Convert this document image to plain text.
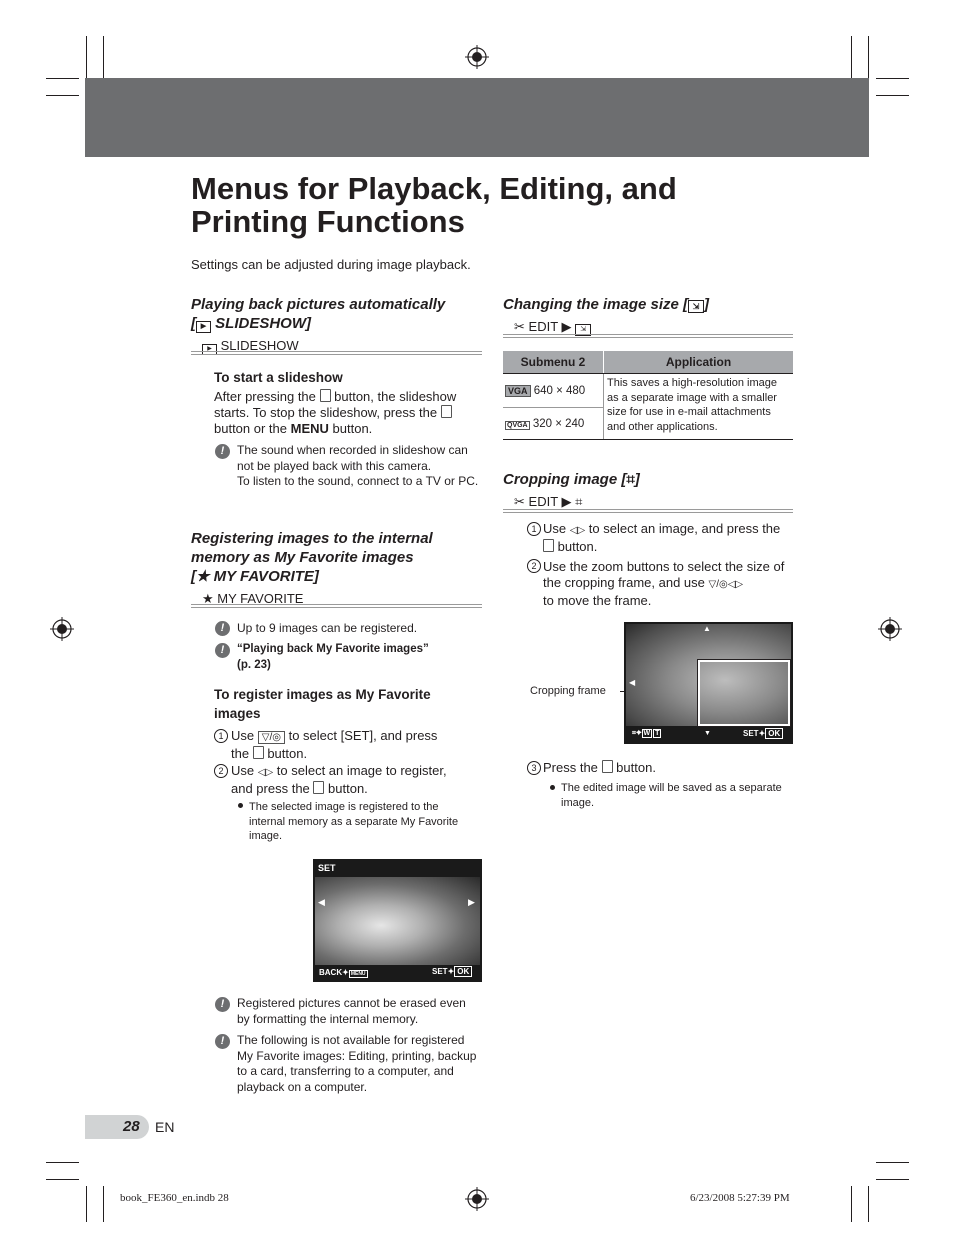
Menus for Playback, Editing, and
Printing Functions
Settings can be adjusted during image playback.
Playing back pictures automatically
[ ▶ SLIDESHOW]
▶ SLIDESHOW
To start a slideshow
After pressing the button, the slideshow
starts. To stop the slideshow, press the
button or the MENU button.
!	The sound when recorded in slideshow can not be played back with this camera.
To listen to the sound, connect to a TV or PC.
Registering images to the internal
memory as My Favorite images
[★ MY FAVORITE]
★ MY FAVORITE
!	Up to 9 images can be registered.
!	“Playing back My Favorite images”
(p. 23)
To register images as My Favorite
images
1 Use ▽/◎ to select [SET], and press
the button.
2 Use ◁▷ to select an image to register,
and press the button.
The selected image is registered to the internal memory as a separate My Favorite image.
SET
◀	▶
BACK✦ MENU	SET✦ OK
!	Registered pictures cannot be erased even by formatting the internal memory.
!	The following is not available for registered My Favorite images: Editing, printing, backup to a card, transferring to a computer, and playback on a computer.
Changing the image size [ ⇲ ]
✂ EDIT ▶ ⇲
Submenu 2	Application
VGA 640 × 480	This saves a high-resolution image as a separate image with a smaller size for use in e-mail attachments and other applications.
QVGA 320 × 240	
Cropping image [⌗]
✂ EDIT ▶ ⌗
1 Use ◁▷ to select an image, and press the
button.
2 Use the zoom buttons to select the size of the cropping frame, and use ▽/◎◁▷
to move the frame.
Cropping frame
▲
◀
▼
⌗✦ W T	SET✦ OK
3 Press the button.
The edited image will be saved as a separate image.
28 EN
book_FE360_en.indb 28	6/23/2008 5:27:39 PM
